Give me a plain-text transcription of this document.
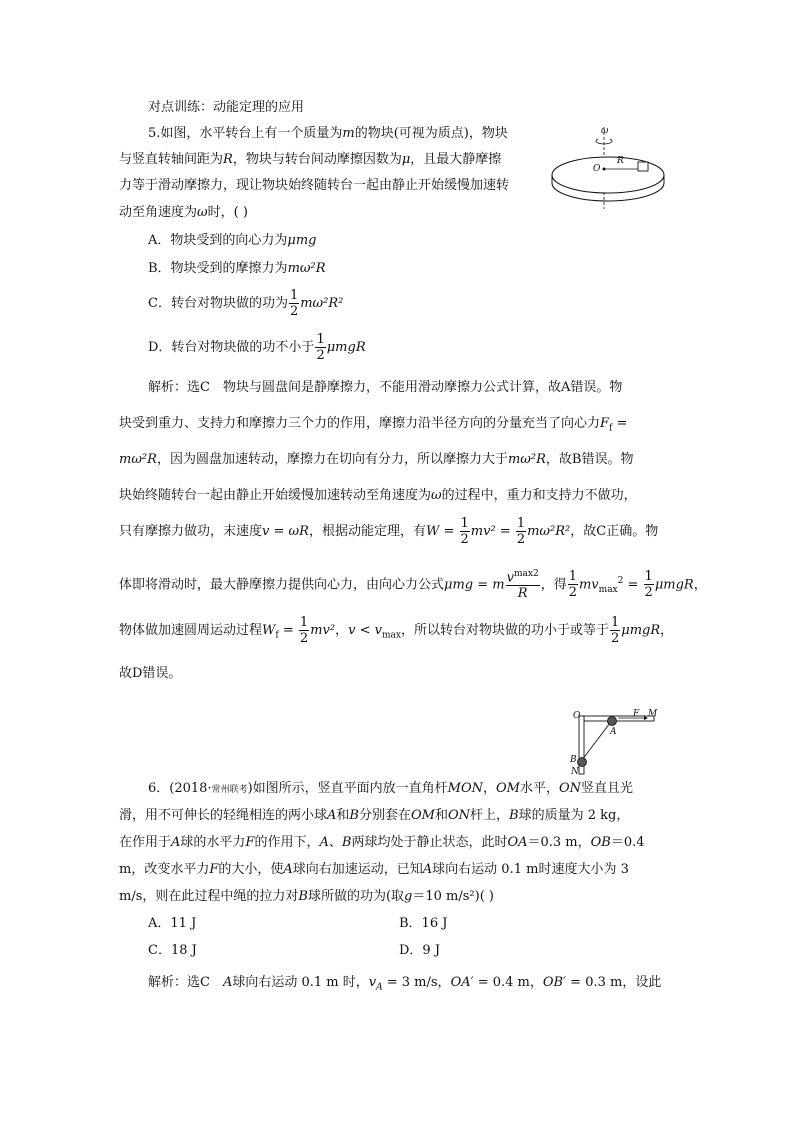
对点训练：动能定理的应用
5.如图，水平转台上有一个质量为m的物块(可视为质点)，物块
与竖直转轴间距为R，物块与转台间动摩擦因数为μ，且最大静摩擦
力等于滑动摩擦力，现让物块始终随转台一起由静止开始缓慢加速转
动至角速度为ω时，( )
A．物块受到的向心力为μmg
B．物块受到的摩擦力为mω²R
C．转台对物块做的功为 $\frac{1}{2} m\omega^2R^2$
D．转台对物块做的功不小于 $\frac{1}{2}$ μmgR
ω
R
O
解析：选C　物块与圆盘间是静摩擦力，不能用滑动摩擦力公式计算，故A错误。物
块受到重力、支持力和摩擦力三个力的作用，摩擦力沿半径方向的分量充当了向心力$F_f$ =
mω²R，因为圆盘加速转动，摩擦力在切向有分力，所以摩擦力大于mω²R，故B错误。物
块始终随转台一起由静止开始缓慢加速转动至角速度为ω的过程中，重力和支持力不做功，
只有摩擦力做功，末速度v = ωR，根据动能定理，有$W = \frac{1}{2} mv^2 = \frac{1}{2} m\omega^2R^2$，故C正确。物
体即将滑动时，最大静摩擦力提供向心力，由向心力公式μmg = m $\frac{v^{max2}}{R}$ ，得 $\frac{1}{2} mv_{max}^2 = \frac{1}{2}$ μmgR，
物体做加速圆周运动过程$W_f = \frac{1}{2} mv^2$，$v < v_{max}$，所以转台对物块做的功小于或等于 $\frac{1}{2}$ μmgR，
故D错误。
O	F M
A
B
N
6．(2018·常州联考)如图所示，竖直平面内放一直角杆MON，OM水平，ON竖直且光
滑，用不可伸长的轻绳相连的两小球A和B分别套在OM和ON杆上，B球的质量为 2 kg，
在作用于A球的水平力F的作用下，A、B两球均处于静止状态，此时OA＝0.3 m，OB＝0.4
m，改变水平力F的大小，使A球向右加速运动，已知A球向右运动 0.1 m时速度大小为 3
m/s，则在此过程中绳的拉力对B球所做的功为(取g＝10 m/s²)( )
A．11 J	B．16 J
C．18 J	D．9 J
解析：选C　A球向右运动 0.1 m 时，$v_A = 3$ m/s，OA′ = 0.4 m，OB′ = 0.3 m，设此
